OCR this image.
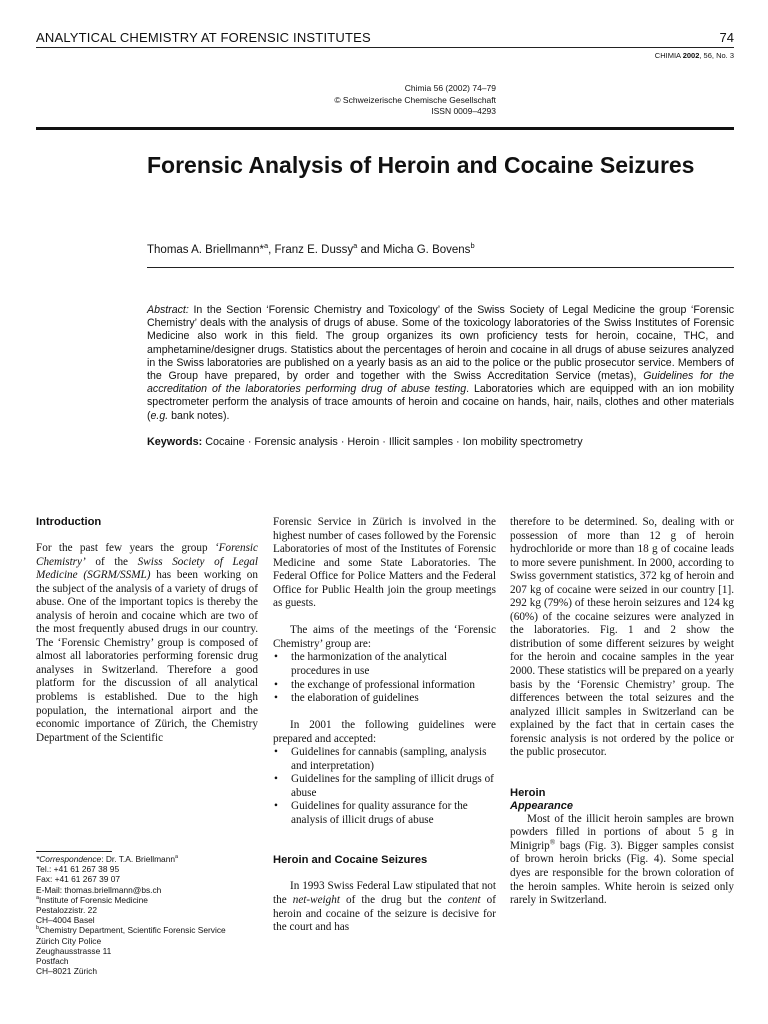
ANALYTICAL CHEMISTRY AT FORENSIC INSTITUTES	74
CHIMIA 2002, 56, No. 3
Chimia 56 (2002) 74–79
© Schweizerische Chemische Gesellschaft
ISSN 0009–4293
Forensic Analysis of Heroin and Cocaine Seizures
Thomas A. Briellmann*$^a$, Franz E. Dussy$^a$ and Micha G. Bovens$^b$
Abstract: In the Section ‘Forensic Chemistry and Toxicology’ of the Swiss Society of Legal Medicine the group ‘Forensic Chemistry’ deals with the analysis of drugs of abuse. Some of the toxicology laboratories of the Swiss Institutes of Forensic Medicine also work in this field. The group organizes its own proficiency tests for heroin, cocaine, THC, and amphetamine/designer drugs. Statistics about the percentages of heroin and cocaine in all drugs of abuse seizures analyzed in the Swiss laboratories are published on a yearly basis as an aid to the police or the public prosecutor service. Members of the Group have prepared, by order and together with the Swiss Accreditation Service (metas), Guidelines for the accreditation of the laboratories performing drug of abuse testing. Laboratories which are equipped with an ion mobility spectrometer perform the analysis of trace amounts of heroin and cocaine on hands, hair, nails, clothes and other materials (e.g. bank notes).
Keywords: Cocaine · Forensic analysis · Heroin · Illicit samples · Ion mobility spectrometry
Introduction

For the past few years the group ‘Forensic Chemistry’ of the Swiss Society of Legal Medicine (SGRM/SSML) has been working on the subject of the analysis of a variety of drugs of abuse. One of the important topics is thereby the analysis of heroin and cocaine which are two of the most frequently abused drugs in our country. The ‘Forensic Chemistry’ group is composed of almost all laboratories performing forensic drug analyses in Switzerland. Therefore a good platform for the discussion of all analytical problems is established. Due to the high population, the international airport and the economic importance of Zürich, the Chemistry Department of the Scientific

*Correspondence: Dr. T.A. Briellmann$^a$
Tel.: +41 61 267 38 95
Fax: +41 61 267 39 07
E-Mail: thomas.briellmann@bs.ch
$^a$Institute of Forensic Medicine
Pestalozzistr. 22
CH–4004 Basel
$^b$Chemistry Department, Scientific Forensic Service
Zürich City Police
Zeughausstrasse 11
Postfach
CH–8021 Zürich

Forensic Service in Zürich is involved in the highest number of cases followed by the Forensic Laboratories of most of the Institutes of Forensic Medicine and some State Laboratories. The Federal Office for Police Matters and the Federal Office for Public Health join the group meetings as guests.

The aims of the meetings of the ‘Forensic Chemistry’ group are:

• the harmonization of the analytical procedures in use
• the exchange of professional information
• the elaboration of guidelines

In 2001 the following guidelines were prepared and accepted:

• Guidelines for cannabis (sampling, analysis and interpretation)
• Guidelines for the sampling of illicit drugs of abuse
• Guidelines for quality assurance for the analysis of illicit drugs of abuse
Heroin and Cocaine Seizures

In 1993 Swiss Federal Law stipulated that not the net-weight of the drug but the content of heroin and cocaine of the seizure is decisive for the court and has

therefore to be determined. So, dealing with or possession of more than 12 g of heroin hydrochloride or more than 18 g of cocaine leads to more severe punishment. In 2000, according to Swiss government statistics, 372 kg of heroin and 207 kg of cocaine were seized in our country [1]. 292 kg (79%) of these heroin seizures and 124 kg (60%) of the cocaine seizures were analyzed in the laboratories. Fig. 1 and 2 show the distribution of some different seizures by weight for the heroin and cocaine samples in the year 2000. These statistics will be prepared on a yearly basis by the ‘Forensic Chemistry’ group. The differences between the total seizures and the analyzed illicit samples in Switzerland can be explained by the fact that in certain cases the forensic analysis is not ordered by the police or the public prosecutor.

Heroin
Appearance

Most of the illicit heroin samples are brown powders filled in portions of about 5 g in Minigrip® bags (Fig. 3). Bigger samples consist of brown heroin bricks (Fig. 4). Some special dyes are responsible for the brown coloration of the heroin samples. White heroin is seized only rarely in Switzerland.
